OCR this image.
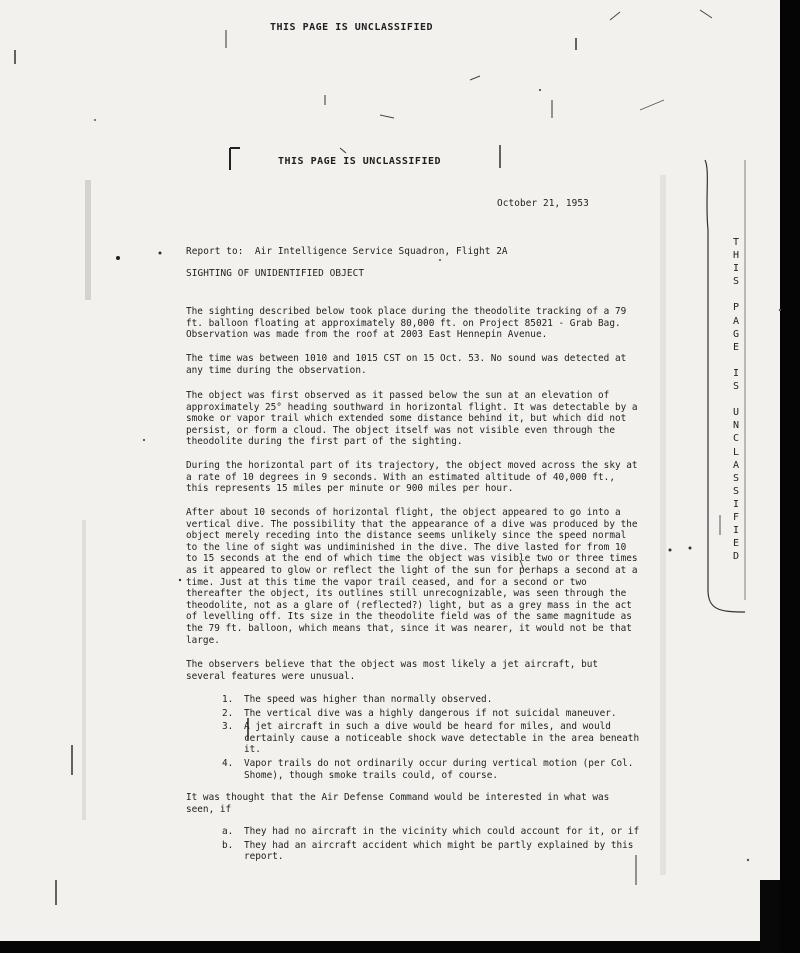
THIS PAGE IS UNCLASSIFIED
THIS PAGE IS UNCLASSIFIED
October 21, 1953
Report to:  Air Intelligence Service Squadron, Flight 2A
SIGHTING OF UNIDENTIFIED OBJECT

The sighting described below took place during the theodolite tracking of a 79 ft. balloon floating at approximately 80,000 ft. on Project 85021 - Grab Bag. Observation was made from the roof at 2003 East Hennepin Avenue.

The time was between 1010 and 1015 CST on 15 Oct. 53. No sound was detected at any time during the observation.

The object was first observed as it passed below the sun at an elevation of approximately 25° heading southward in horizontal flight. It was detectable by a smoke or vapor trail which extended some distance behind it, but which did not persist, or form a cloud. The object itself was not visible even through the theodolite during the first part of the sighting.

During the horizontal part of its trajectory, the object moved across the sky at a rate of 10 degrees in 9 seconds. With an estimated altitude of 40,000 ft., this represents 15 miles per minute or 900 miles per hour.

After about 10 seconds of horizontal flight, the object appeared to go into a vertical dive. The possibility that the appearance of a dive was produced by the object merely receding into the distance seems unlikely since the speed normal to the line of sight was undiminished in the dive. The dive lasted for from 10 to 15 seconds at the end of which time the object was visible two or three times as it appeared to glow or reflect the light of the sun for perhaps a second at a time. Just at this time the vapor trail ceased, and for a second or two thereafter the object, its outlines still unrecognizable, was seen through the theodolite, not as a glare of (reflected?) light, but as a grey mass in the act of levelling off. Its size in the theodolite field was of the same magnitude as the 79 ft. balloon, which means that, since it was nearer, it would not be that large.

The observers believe that the object was most likely a jet aircraft, but several features were unusual.

1.	The speed was higher than normally observed.
2.	The vertical dive was a highly dangerous if not suicidal maneuver.
3.	A jet aircraft in such a dive would be heard for miles, and would certainly cause a noticeable shock wave detectable in the area beneath it.
4.	Vapor trails do not ordinarily occur during vertical motion (per Col. Shome), though smoke trails could, of course.

It was thought that the Air Defense Command would be interested in what was seen, if

a.	They had no aircraft in the vicinity which could account for it, or if
b.	They had an aircraft accident which might be partly explained by this report.
T
H
I
S

P
A
G
E

I
S

U
N
C
L
A
S
S
I
F
I
E
D
